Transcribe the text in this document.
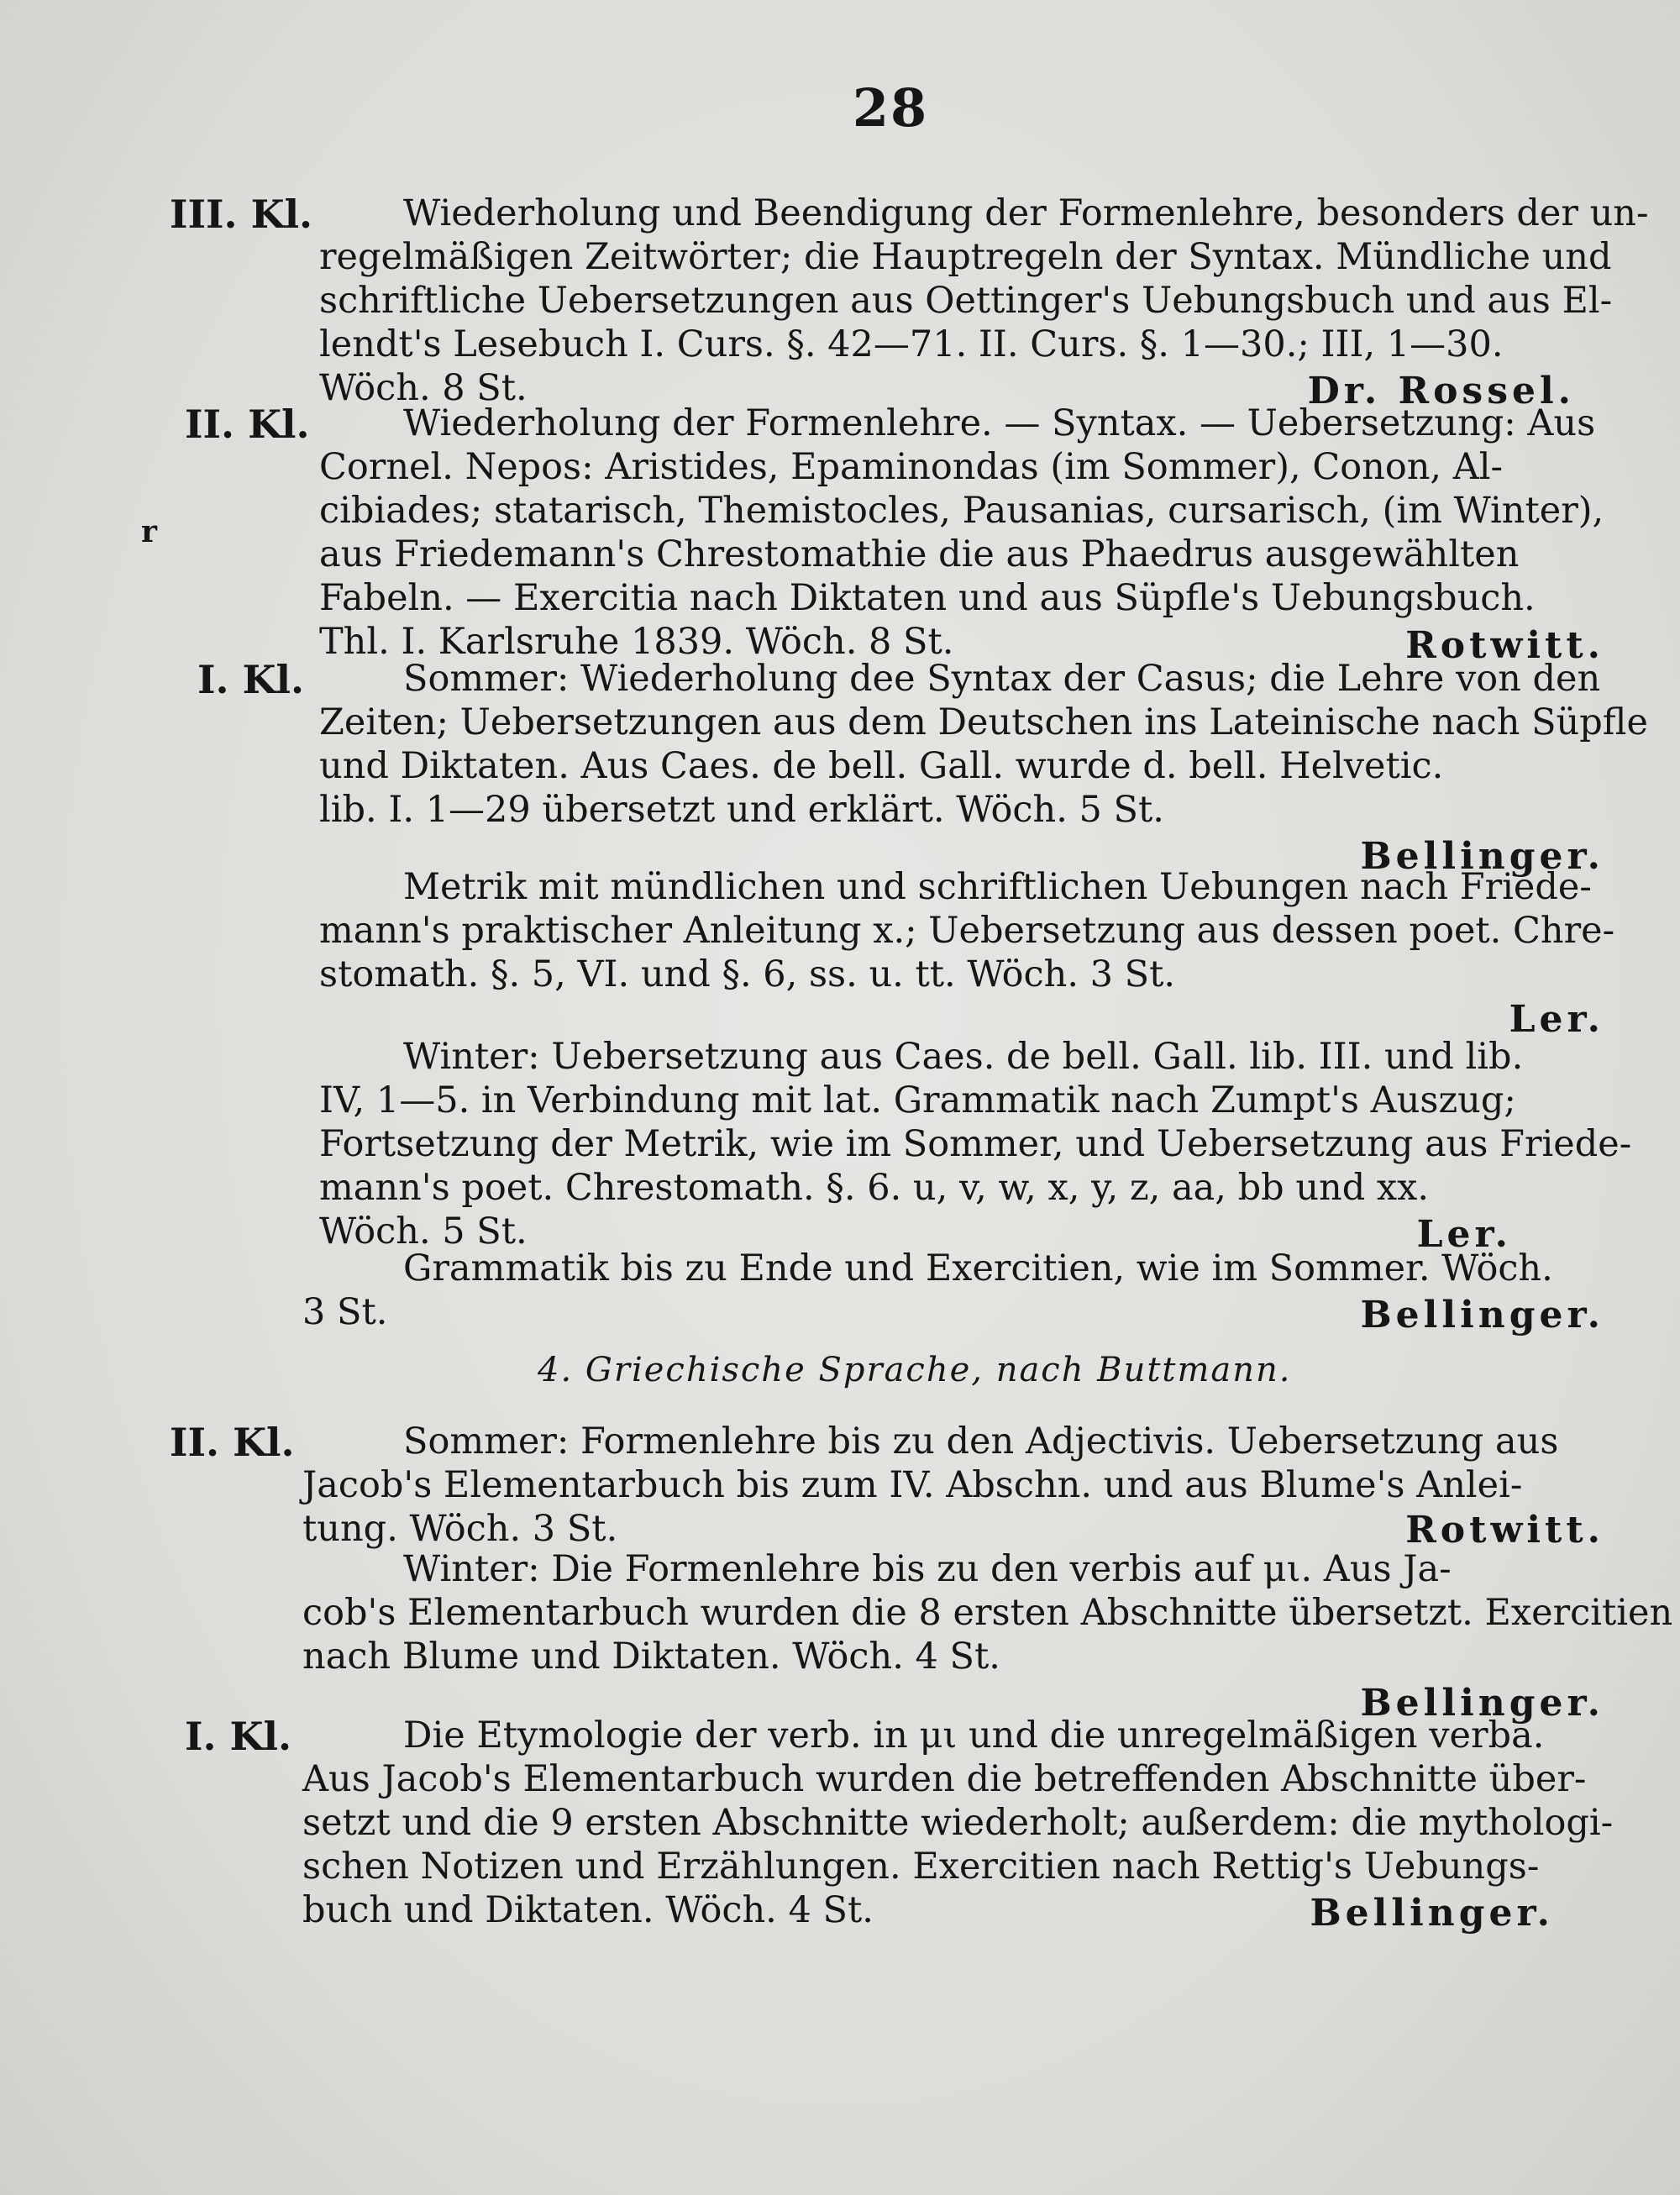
28
r
III. Kl.	Wiederholung und Beendigung der Formenlehre, besonders der un-
regelmäßigen Zeitwörter; die Hauptregeln der Syntax. Mündliche und
schriftliche Uebersetzungen aus Oettinger's Uebungsbuch und aus El-
lendt's Lesebuch I. Curs. §. 42—71. II. Curs. §. 1—30.; III, 1—30.
Wöch. 8 St.	Dr. Rossel.
II. Kl.	Wiederholung der Formenlehre. — Syntax. — Uebersetzung: Aus
Cornel. Nepos: Aristides, Epaminondas (im Sommer), Conon, Al-
cibiades; statarisch, Themistocles, Pausanias, cursarisch, (im Winter),
aus Friedemann's Chrestomathie die aus Phaedrus ausgewählten
Fabeln. — Exercitia nach Diktaten und aus Süpfle's Uebungsbuch.
Thl. I. Karlsruhe 1839. Wöch. 8 St.	Rotwitt.
I. Kl.	Sommer: Wiederholung dee Syntax der Casus; die Lehre von den
Zeiten; Uebersetzungen aus dem Deutschen ins Lateinische nach Süpfle
und Diktaten. Aus Caes. de bell. Gall. wurde d. bell. Helvetic.
lib. I. 1—29 übersetzt und erklärt. Wöch. 5 St.
Bellinger.
Metrik mit mündlichen und schriftlichen Uebungen nach Friede-
mann's praktischer Anleitung x.; Uebersetzung aus dessen poet. Chre-
stomath. §. 5, VI. und §. 6, ss. u. tt. Wöch. 3 St.
Ler.
Winter: Uebersetzung aus Caes. de bell. Gall. lib. III. und lib.
IV, 1—5. in Verbindung mit lat. Grammatik nach Zumpt's Auszug;
Fortsetzung der Metrik, wie im Sommer, und Uebersetzung aus Friede-
mann's poet. Chrestomath. §. 6. u, v, w, x, y, z, aa, bb und xx.
Wöch. 5 St.	Ler.
Grammatik bis zu Ende und Exercitien, wie im Sommer. Wöch.
3 St.	Bellinger.
4. Griechische Sprache, nach Buttmann.
II. Kl.	Sommer: Formenlehre bis zu den Adjectivis. Uebersetzung aus
Jacob's Elementarbuch bis zum IV. Abschn. und aus Blume's Anlei-
tung. Wöch. 3 St.	Rotwitt.
Winter: Die Formenlehre bis zu den verbis auf μι. Aus Ja-
cob's Elementarbuch wurden die 8 ersten Abschnitte übersetzt. Exercitien
nach Blume und Diktaten. Wöch. 4 St.
Bellinger.
I. Kl.	Die Etymologie der verb. in μι und die unregelmäßigen verba.
Aus Jacob's Elementarbuch wurden die betreffenden Abschnitte über-
setzt und die 9 ersten Abschnitte wiederholt; außerdem: die mythologi-
schen Notizen und Erzählungen. Exercitien nach Rettig's Uebungs-
buch und Diktaten. Wöch. 4 St.	Bellinger.
